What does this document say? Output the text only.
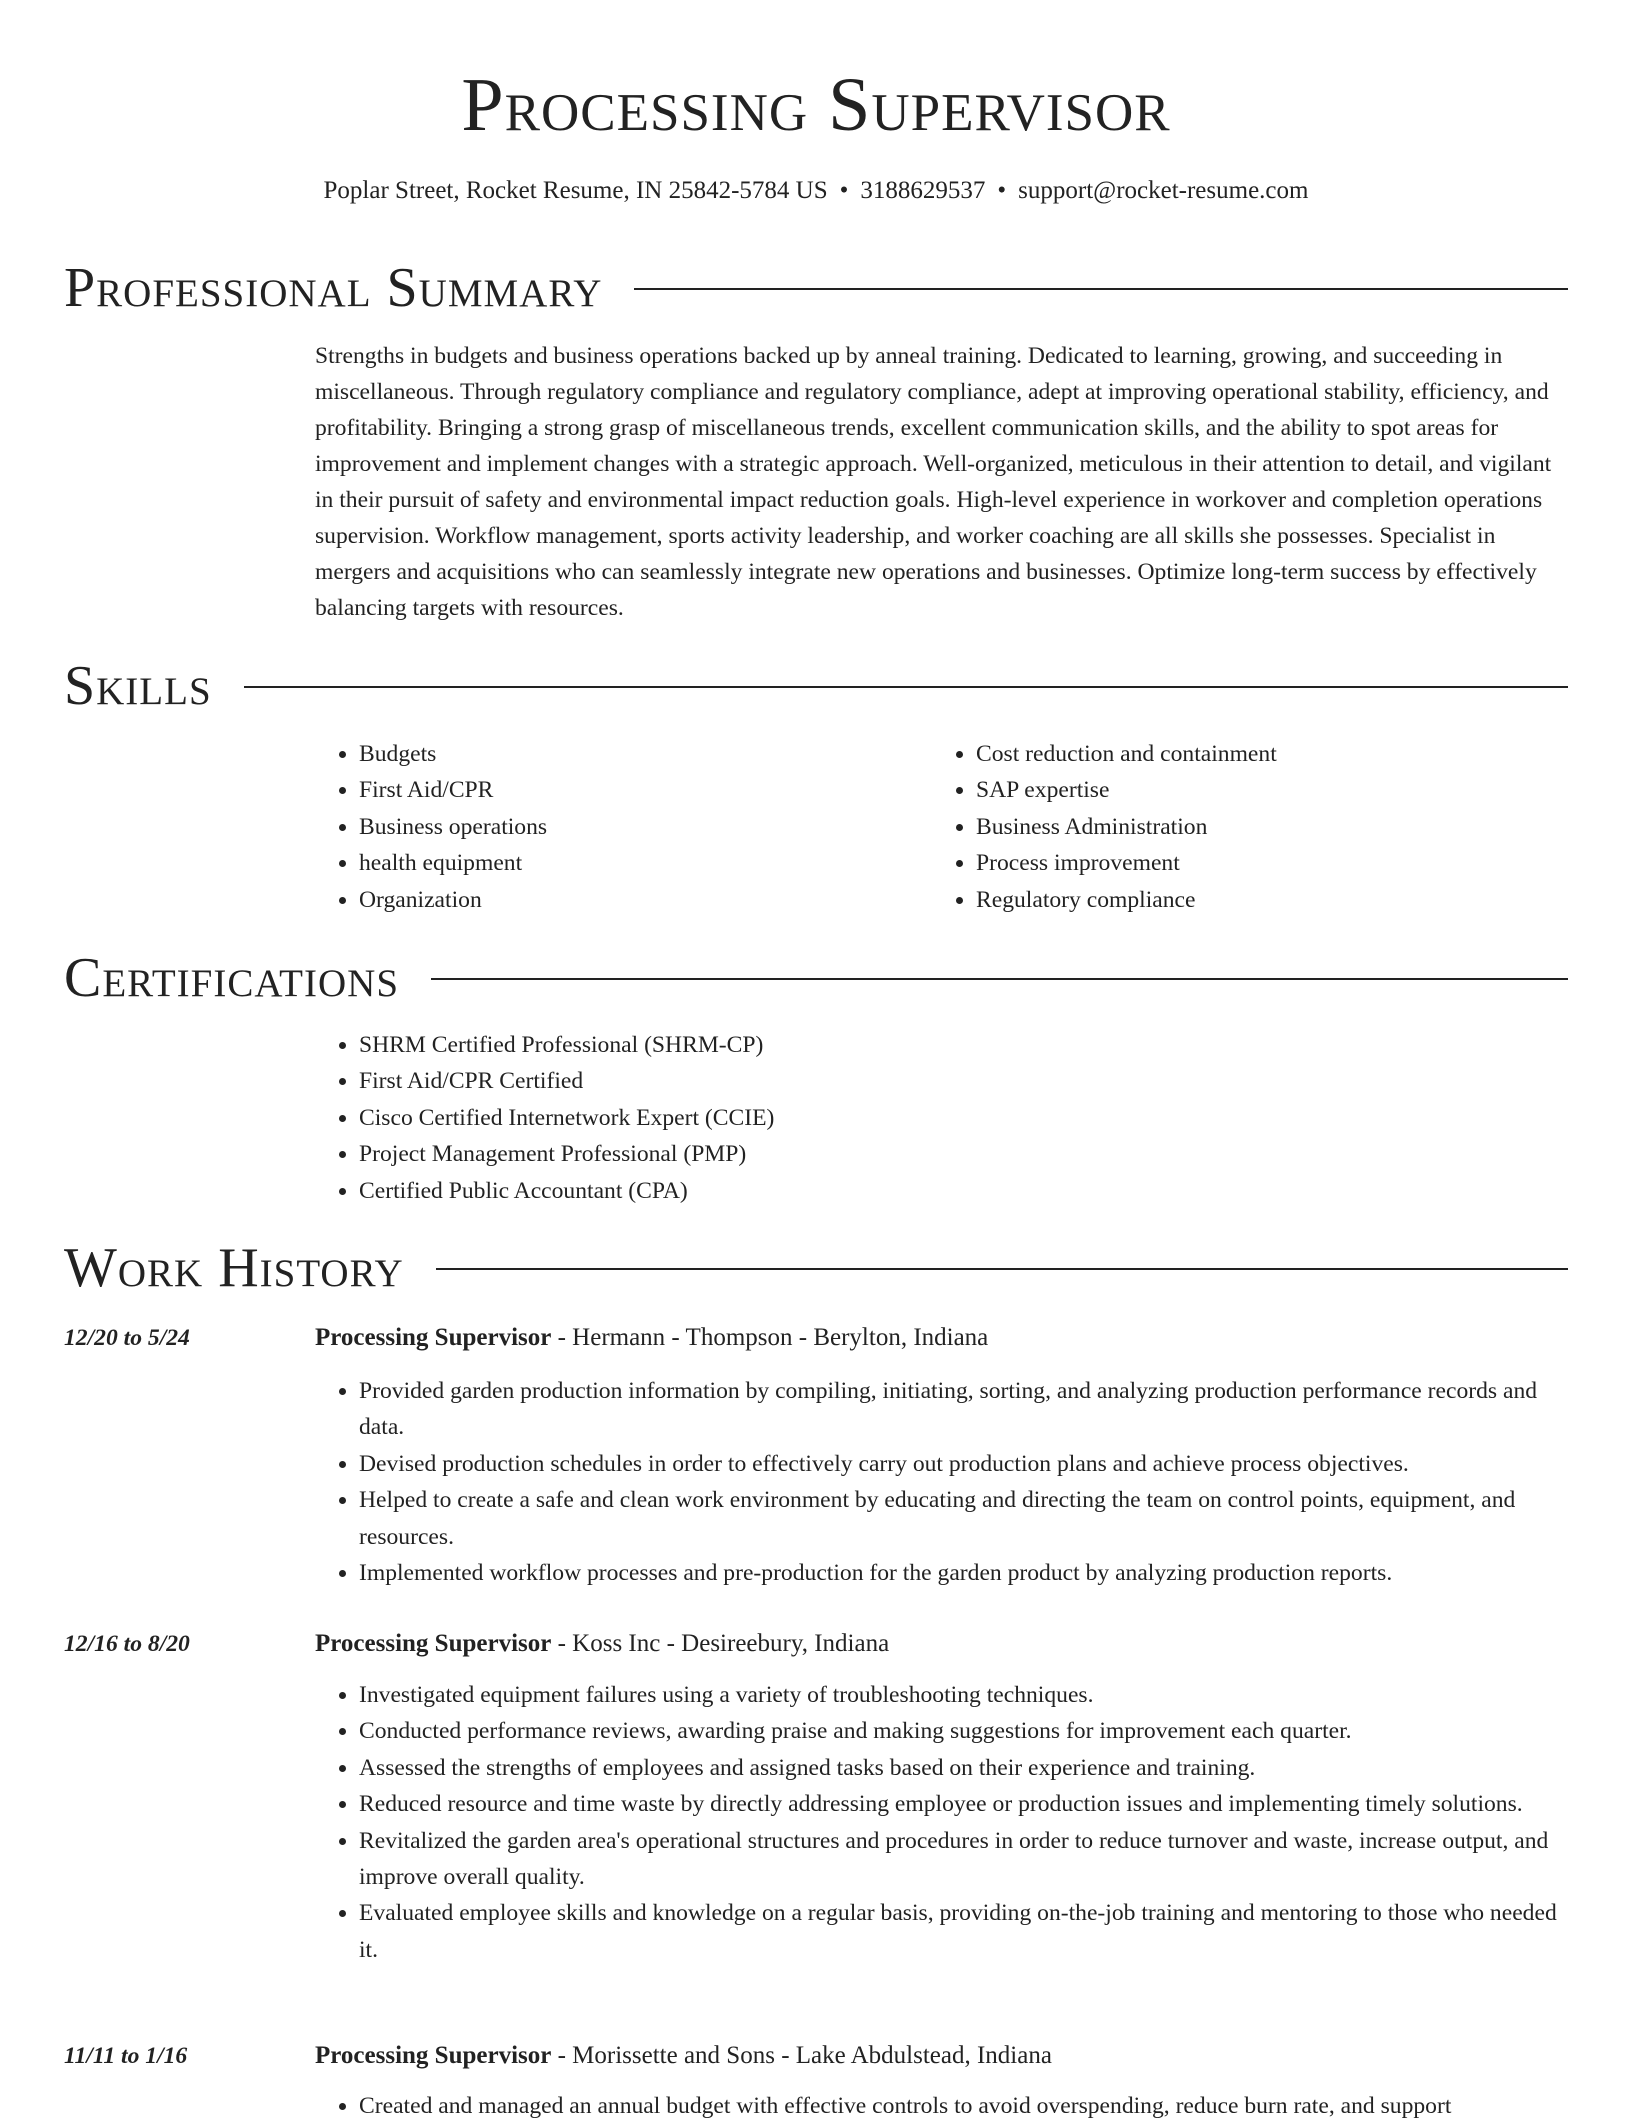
Processing Supervisor
Poplar Street, Rocket Resume, IN 25842-5784 US • 3188629537 • support@rocket-resume.com
Professional Summary
Strengths in budgets and business operations backed up by anneal training. Dedicated to learning, growing, and succeeding in miscellaneous. Through regulatory compliance and regulatory compliance, adept at improving operational stability, efficiency, and profitability. Bringing a strong grasp of miscellaneous trends, excellent communication skills, and the ability to spot areas for improvement and implement changes with a strategic approach. Well-organized, meticulous in their attention to detail, and vigilant in their pursuit of safety and environmental impact reduction goals. High-level experience in workover and completion operations supervision. Workflow management, sports activity leadership, and worker coaching are all skills she possesses. Specialist in mergers and acquisitions who can seamlessly integrate new operations and businesses. Optimize long-term success by effectively balancing targets with resources.
Skills
• Budgets
• First Aid/CPR
• Business operations
• health equipment
• Organization
• Cost reduction and containment
• SAP expertise
• Business Administration
• Process improvement
• Regulatory compliance
Certifications
• SHRM Certified Professional (SHRM-CP)
• First Aid/CPR Certified
• Cisco Certified Internetwork Expert (CCIE)
• Project Management Professional (PMP)
• Certified Public Accountant (CPA)
Work History
12/20 to 5/24	Processing Supervisor - Hermann - Thompson - Berylton, Indiana
• Provided garden production information by compiling, initiating, sorting, and analyzing production performance records and data.
• Devised production schedules in order to effectively carry out production plans and achieve process objectives.
• Helped to create a safe and clean work environment by educating and directing the team on control points, equipment, and resources.
• Implemented workflow processes and pre-production for the garden product by analyzing production reports.
12/16 to 8/20	Processing Supervisor - Koss Inc - Desireebury, Indiana
• Investigated equipment failures using a variety of troubleshooting techniques.
• Conducted performance reviews, awarding praise and making suggestions for improvement each quarter.
• Assessed the strengths of employees and assigned tasks based on their experience and training.
• Reduced resource and time waste by directly addressing employee or production issues and implementing timely solutions.
• Revitalized the garden area's operational structures and procedures in order to reduce turnover and waste, increase output, and improve overall quality.
• Evaluated employee skills and knowledge on a regular basis, providing on-the-job training and mentoring to those who needed it.
11/11 to 1/16	Processing Supervisor - Morissette and Sons - Lake Abdulstead, Indiana
• Created and managed an annual budget with effective controls to avoid overspending, reduce burn rate, and support
